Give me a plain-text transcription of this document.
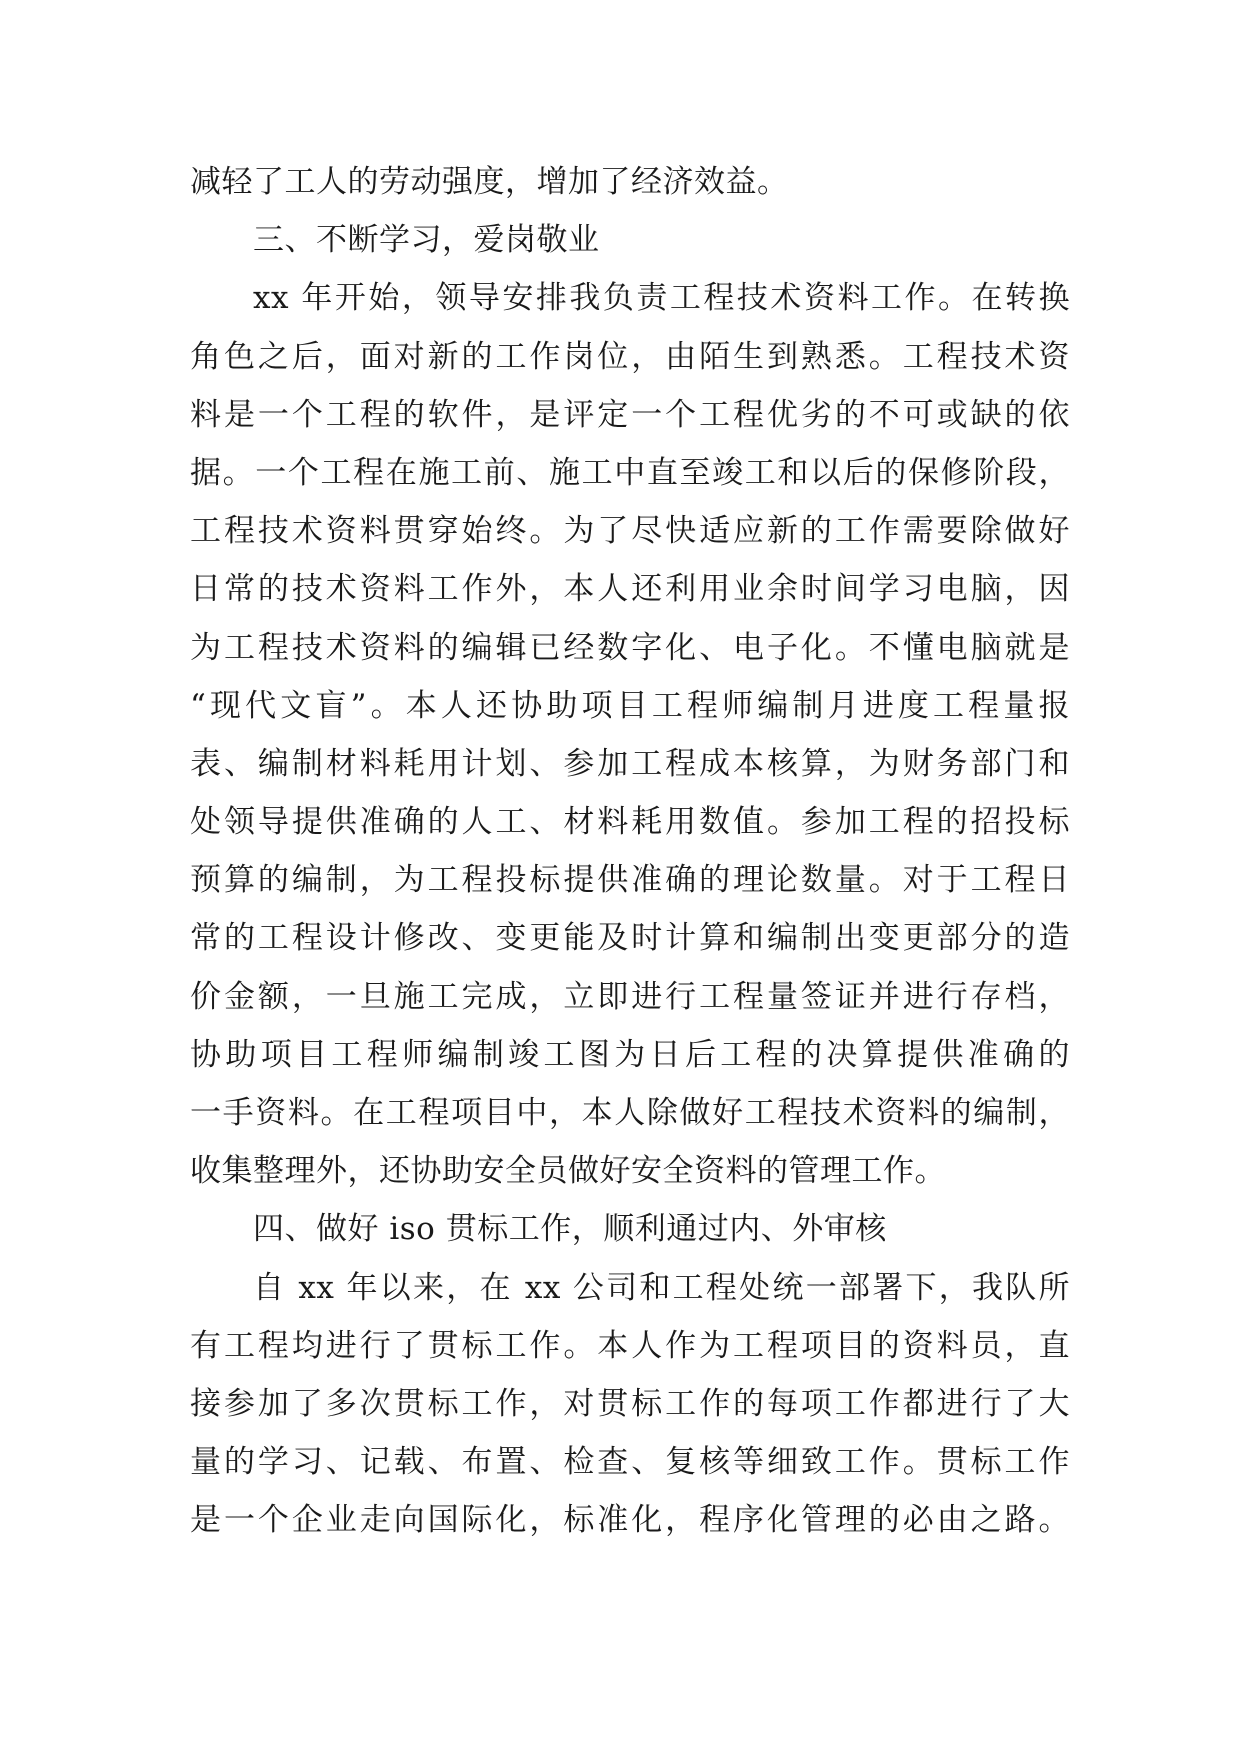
减轻了工人的劳动强度，增加了经济效益。
三、不断学习，爱岗敬业
xx 年开始，领导安排我负责工程技术资料工作。在转换
角色之后，面对新的工作岗位，由陌生到熟悉。工程技术资
料是一个工程的软件，是评定一个工程优劣的不可或缺的依
据。一个工程在施工前、施工中直至竣工和以后的保修阶段，
工程技术资料贯穿始终。为了尽快适应新的工作需要除做好
日常的技术资料工作外，本人还利用业余时间学习电脑，因
为工程技术资料的编辑已经数字化、电子化。不懂电脑就是
“现代文盲”。本人还协助项目工程师编制月进度工程量报
表、编制材料耗用计划、参加工程成本核算，为财务部门和
处领导提供准确的人工、材料耗用数值。参加工程的招投标
预算的编制，为工程投标提供准确的理论数量。对于工程日
常的工程设计修改、变更能及时计算和编制出变更部分的造
价金额，一旦施工完成，立即进行工程量签证并进行存档，
协助项目工程师编制竣工图为日后工程的决算提供准确的
一手资料。在工程项目中，本人除做好工程技术资料的编制，
收集整理外，还协助安全员做好安全资料的管理工作。
四、做好 iso 贯标工作，顺利通过内、外审核
自 xx 年以来，在 xx 公司和工程处统一部署下，我队所
有工程均进行了贯标工作。本人作为工程项目的资料员，直
接参加了多次贯标工作，对贯标工作的每项工作都进行了大
量的学习、记载、布置、检查、复核等细致工作。贯标工作
是一个企业走向国际化，标准化，程序化管理的必由之路。
